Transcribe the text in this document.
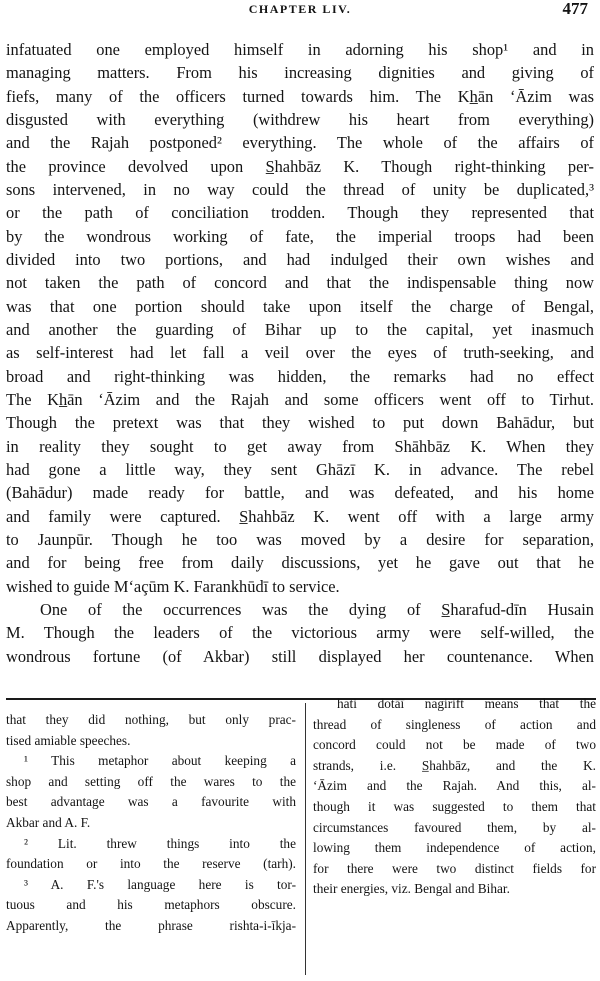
CHAPTER LIV.	477
infatuated one employed himself in adorning his shop¹ and in
managing matters. From his increasing dignities and giving of
fiefs, many of the officers turned towards him. The Kh̲ān ‘Āzim was
disgusted with everything (withdrew his heart from everything)
and the Rajah postponed² everything. The whole of the affairs of
the province devolved upon S̲hahbāz K. Though right-thinking per-
sons intervened, in no way could the thread of unity be duplicated,³
or the path of conciliation trodden. Though they represented that
by the wondrous working of fate, the imperial troops had been
divided into two portions, and had indulged their own wishes and
not taken the path of concord and that the indispensable thing now
was that one portion should take upon itself the charge of Bengal,
and another the guarding of Bihar up to the capital, yet inasmuch
as self-interest had let fall a veil over the eyes of truth-seeking, and
broad and right-thinking was hidden, the remarks had no effect
The Kh̲ān ‘Āzim and the Rajah and some officers went off to Tirhut.
Though the pretext was that they wished to put down Bahādur, but
in reality they sought to get away from Shāhbāz K. When they
had gone a little way, they sent Ghāzī K. in advance. The rebel
(Bahādur) made ready for battle, and was defeated, and his home
and family were captured. S̲hahbāz K. went off with a large army
to Jaunpūr. Though he too was moved by a desire for separation,
and for being free from daily discussions, yet he gave out that he
wished to guide M‘açūm K. Farankhūdī to service.
One of the occurrences was the dying of S̲harafud-dīn Husain
M. Though the leaders of the victorious army were self-willed, the
wondrous fortune (of Akbar) still displayed her countenance. When
that they did nothing, but only prac-
tised amiable speeches.
¹ This metaphor about keeping a
shop and setting off the wares to the
best advantage was a favourite with
Akbar and A. F.
² Lit. threw things into the
foundation or into the reserve (tarh).
³ A. F.'s language here is tor-
tuous and his metaphors obscure.
Apparently, the phrase rishta-i-īkja-
hati dotāī nagirift means that the
thread of singleness of action and
concord could not be made of two
strands, i.e. S̲hahbāz, and the K.
‘Āzim and the Rajah. And this, al-
though it was suggested to them that
circumstances favoured them, by al-
lowing them independence of action,
for there were two distinct fields for
their energies, viz. Bengal and Bihar.
